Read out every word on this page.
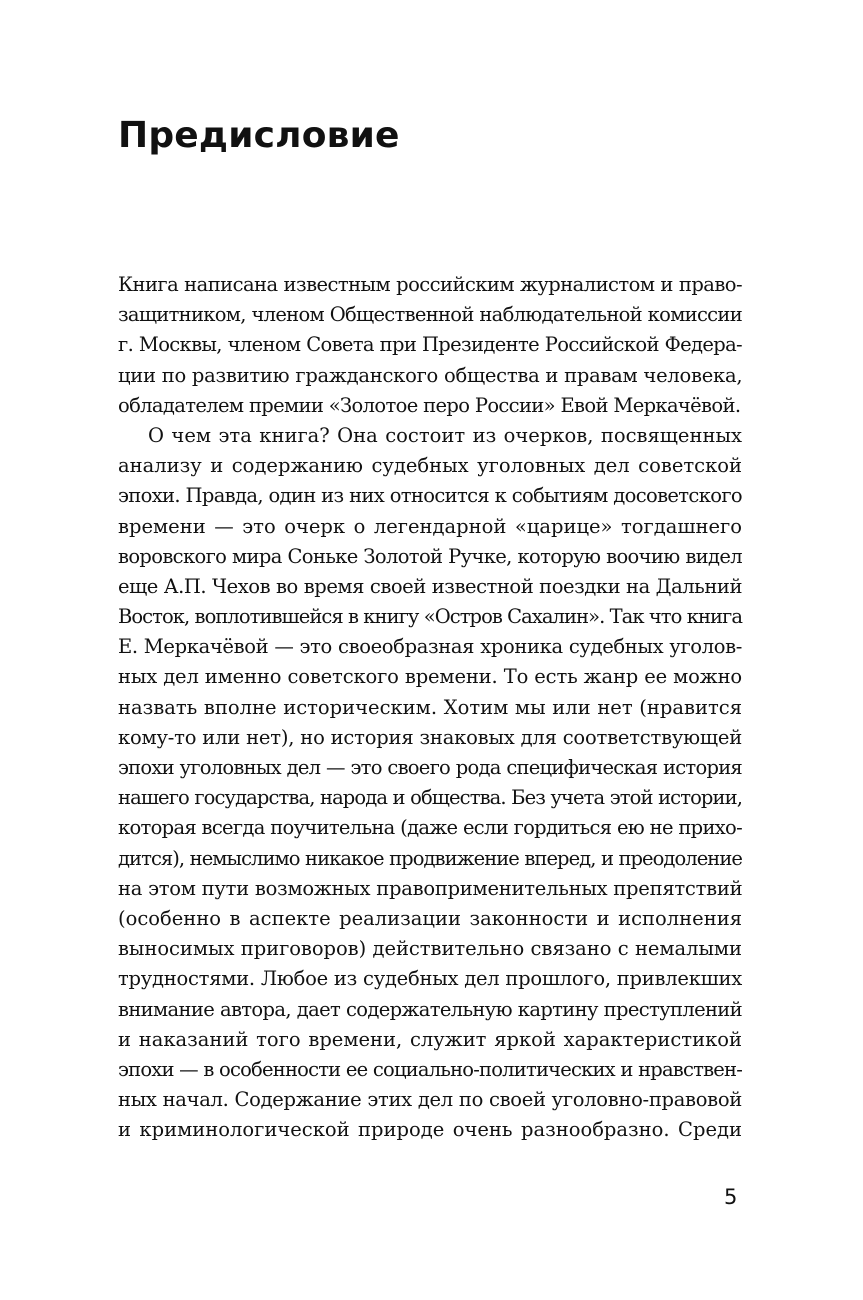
Предисловие
Книга написана известным российским журналистом и право-
защитником, членом Общественной наблюдательной комиссии
г. Москвы, членом Совета при Президенте Российской Федера-
ции по развитию гражданского общества и правам человека,
обладателем премии «Золотое перо России» Евой Меркачёвой.
О чем эта книга? Она состоит из очерков, посвященных
анализу и содержанию судебных уголовных дел советской
эпохи. Правда, один из них относится к событиям досоветского
времени — это очерк о легендарной «царице» тогдашнего
воровского мира Соньке Золотой Ручке, которую воочию видел
еще А.П. Чехов во время своей известной поездки на Дальний
Восток, воплотившейся в книгу «Остров Сахалин». Так что книга
Е. Меркачёвой — это своеобразная хроника судебных уголов-
ных дел именно советского времени. То есть жанр ее можно
назвать вполне историческим. Хотим мы или нет (нравится
кому-то или нет), но история знаковых для соответствующей
эпохи уголовных дел — это своего рода специфическая история
нашего государства, народа и общества. Без учета этой истории,
которая всегда поучительна (даже если гордиться ею не прихо-
дится), немыслимо никакое продвижение вперед, и преодоление
на этом пути возможных правоприменительных препятствий
(особенно в аспекте реализации законности и исполнения
выносимых приговоров) действительно связано с немалыми
трудностями. Любое из судебных дел прошлого, привлекших
внимание автора, дает содержательную картину преступлений
и наказаний того времени, служит яркой характеристикой
эпохи — в особенности ее социально-политических и нравствен-
ных начал. Содержание этих дел по своей уголовно-правовой
и криминологической природе очень разнообразно. Среди
5
